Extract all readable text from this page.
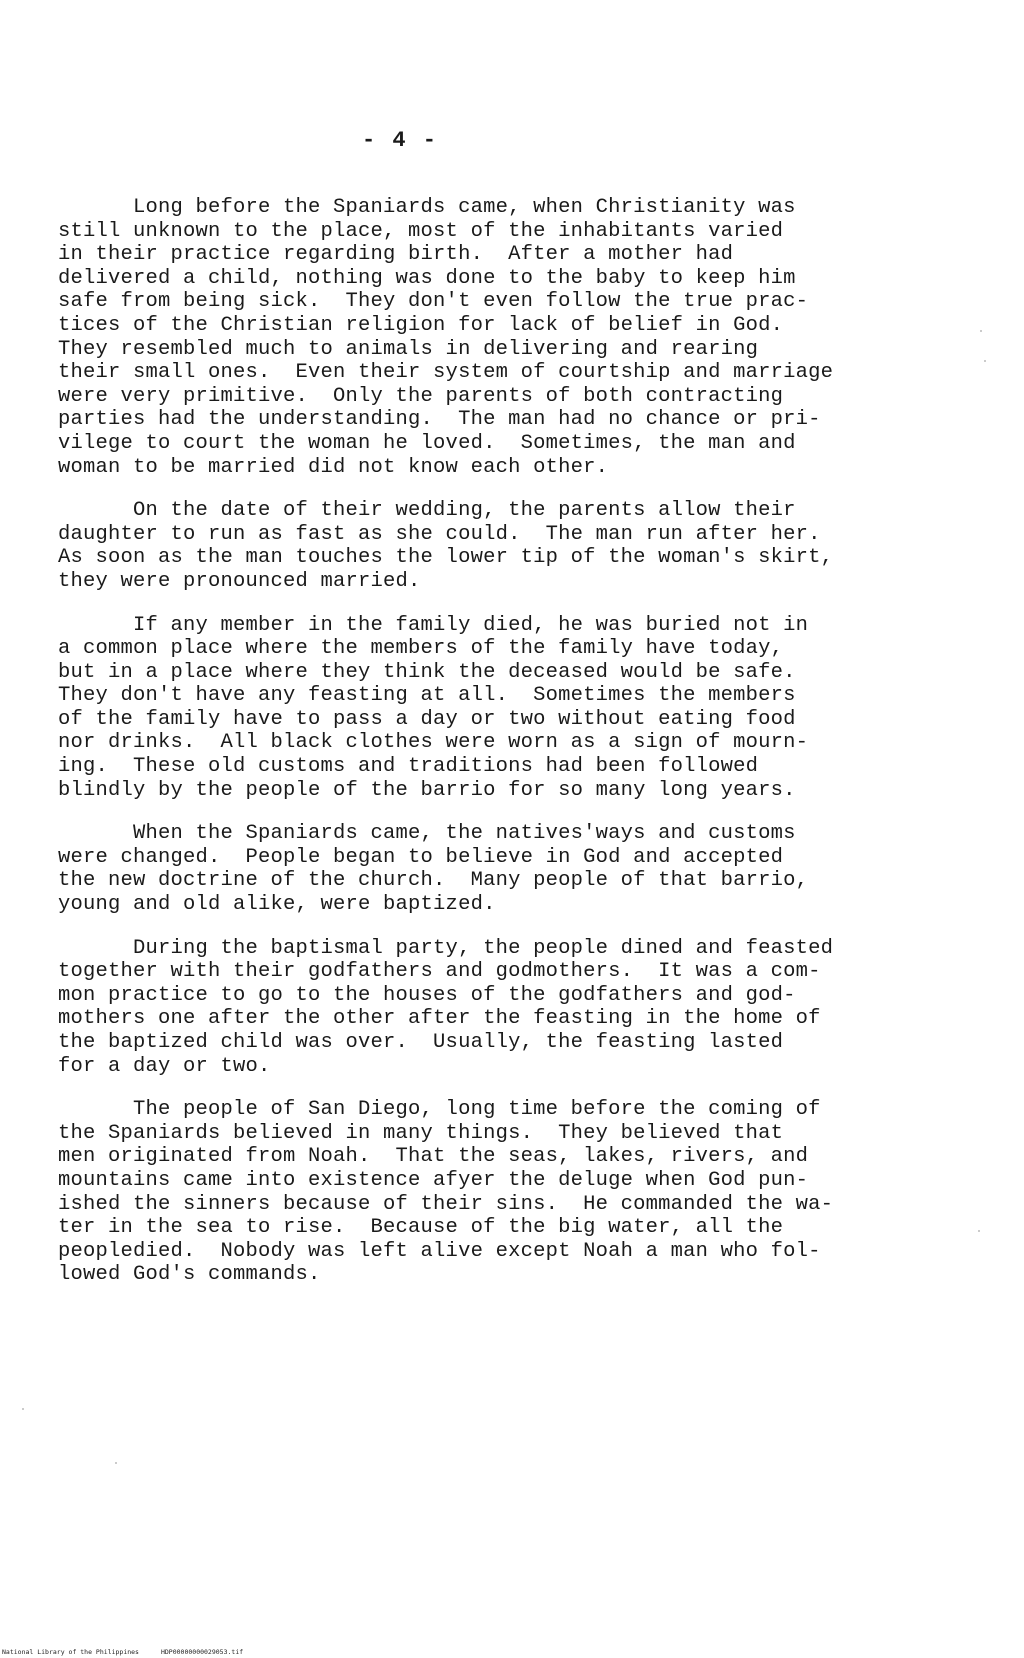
- 4 -
Long before the Spaniards came, when Christianity was
still unknown to the place, most of the inhabitants varied
in their practice regarding birth.  After a mother had
delivered a child, nothing was done to the baby to keep him
safe from being sick.  They don't even follow the true prac-
tices of the Christian religion for lack of belief in God.
They resembled much to animals in delivering and rearing
their small ones.  Even their system of courtship and marriage
were very primitive.  Only the parents of both contracting
parties had the understanding.  The man had no chance or pri-
vilege to court the woman he loved.  Sometimes, the man and
woman to be married did not know each other.
On the date of their wedding, the parents allow their
daughter to run as fast as she could.  The man run after her.
As soon as the man touches the lower tip of the woman's skirt,
they were pronounced married.
If any member in the family died, he was buried not in
a common place where the members of the family have today,
but in a place where they think the deceased would be safe.
They don't have any feasting at all.  Sometimes the members
of the family have to pass a day or two without eating food
nor drinks.  All black clothes were worn as a sign of mourn-
ing.  These old customs and traditions had been followed
blindly by the people of the barrio for so many long years.
When the Spaniards came, the natives'ways and customs
were changed.  People began to believe in God and accepted
the new doctrine of the church.  Many people of that barrio,
young and old alike, were baptized.
During the baptismal party, the people dined and feasted
together with their godfathers and godmothers.  It was a com-
mon practice to go to the houses of the godfathers and god-
mothers one after the other after the feasting in the home of
the baptized child was over.  Usually, the feasting lasted
for a day or two.
The people of San Diego, long time before the coming of
the Spaniards believed in many things.  They believed that
men originated from Noah.  That the seas, lakes, rivers, and
mountains came into existence afyer the deluge when God pun-
ished the sinners because of their sins.  He commanded the wa-
ter in the sea to rise.  Because of the big water, all the
peopledied.  Nobody was left alive except Noah a man who fol-
lowed God's commands.
National Library of the Philippines	HDP00000000029053.tif
